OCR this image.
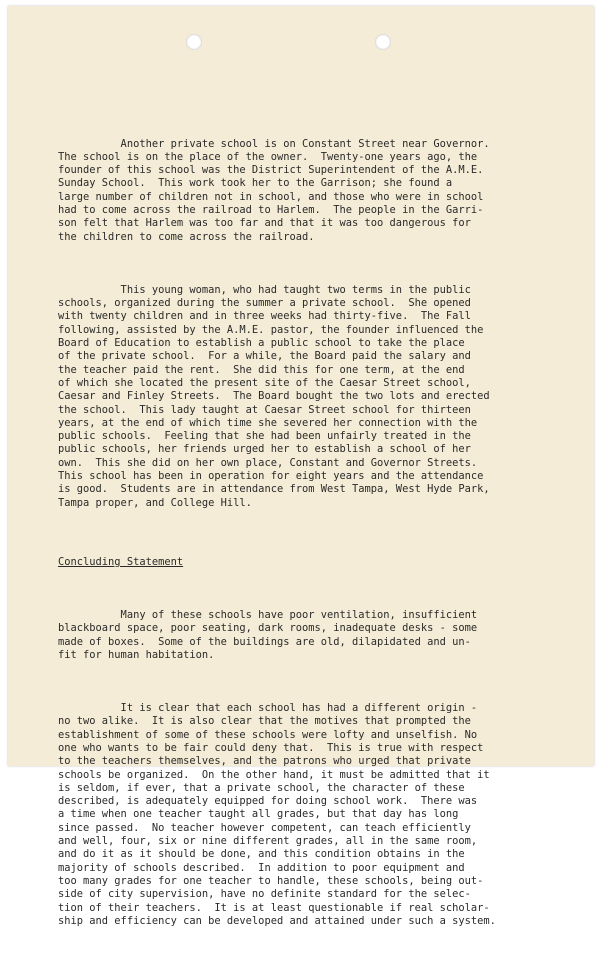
Another private school is on Constant Street near Governor.
The school is on the place of the owner.  Twenty-one years ago, the
founder of this school was the District Superintendent of the A.M.E.
Sunday School.  This work took her to the Garrison; she found a
large number of children not in school, and those who were in school
had to come across the railroad to Harlem.  The people in the Garri-
son felt that Harlem was too far and that it was too dangerous for
the children to come across the railroad.

This young woman, who had taught two terms in the public
schools, organized during the summer a private school.  She opened
with twenty children and in three weeks had thirty-five.  The Fall
following, assisted by the A.M.E. pastor, the founder influenced the
Board of Education to establish a public school to take the place
of the private school.  For a while, the Board paid the salary and
the teacher paid the rent.  She did this for one term, at the end
of which she located the present site of the Caesar Street school,
Caesar and Finley Streets.  The Board bought the two lots and erected
the school.  This lady taught at Caesar Street school for thirteen
years, at the end of which time she severed her connection with the
public schools.  Feeling that she had been unfairly treated in the
public schools, her friends urged her to establish a school of her
own.  This she did on her own place, Constant and Governor Streets.
This school has been in operation for eight years and the attendance
is good.  Students are in attendance from West Tampa, West Hyde Park,
Tampa proper, and College Hill.

Concluding Statement

Many of these schools have poor ventilation, insufficient
blackboard space, poor seating, dark rooms, inadequate desks - some
made of boxes.  Some of the buildings are old, dilapidated and un-
fit for human habitation.

It is clear that each school has had a different origin -
no two alike.  It is also clear that the motives that prompted the
establishment of some of these schools were lofty and unselfish. No
one who wants to be fair could deny that.  This is true with respect
to the teachers themselves, and the patrons who urged that private
schools be organized.  On the other hand, it must be admitted that it
is seldom, if ever, that a private school, the character of these
described, is adequately equipped for doing school work.  There was
a time when one teacher taught all grades, but that day has long
since passed.  No teacher however competent, can teach efficiently
and well, four, six or nine different grades, all in the same room,
and do it as it should be done, and this condition obtains in the
majority of schools described.  In addition to poor equipment and
too many grades for one teacher to handle, these schools, being out-
side of city supervision, have no definite standard for the selec-
tion of their teachers.  It is at least questionable if real scholar-
ship and efficiency can be developed and attained under such a system.
